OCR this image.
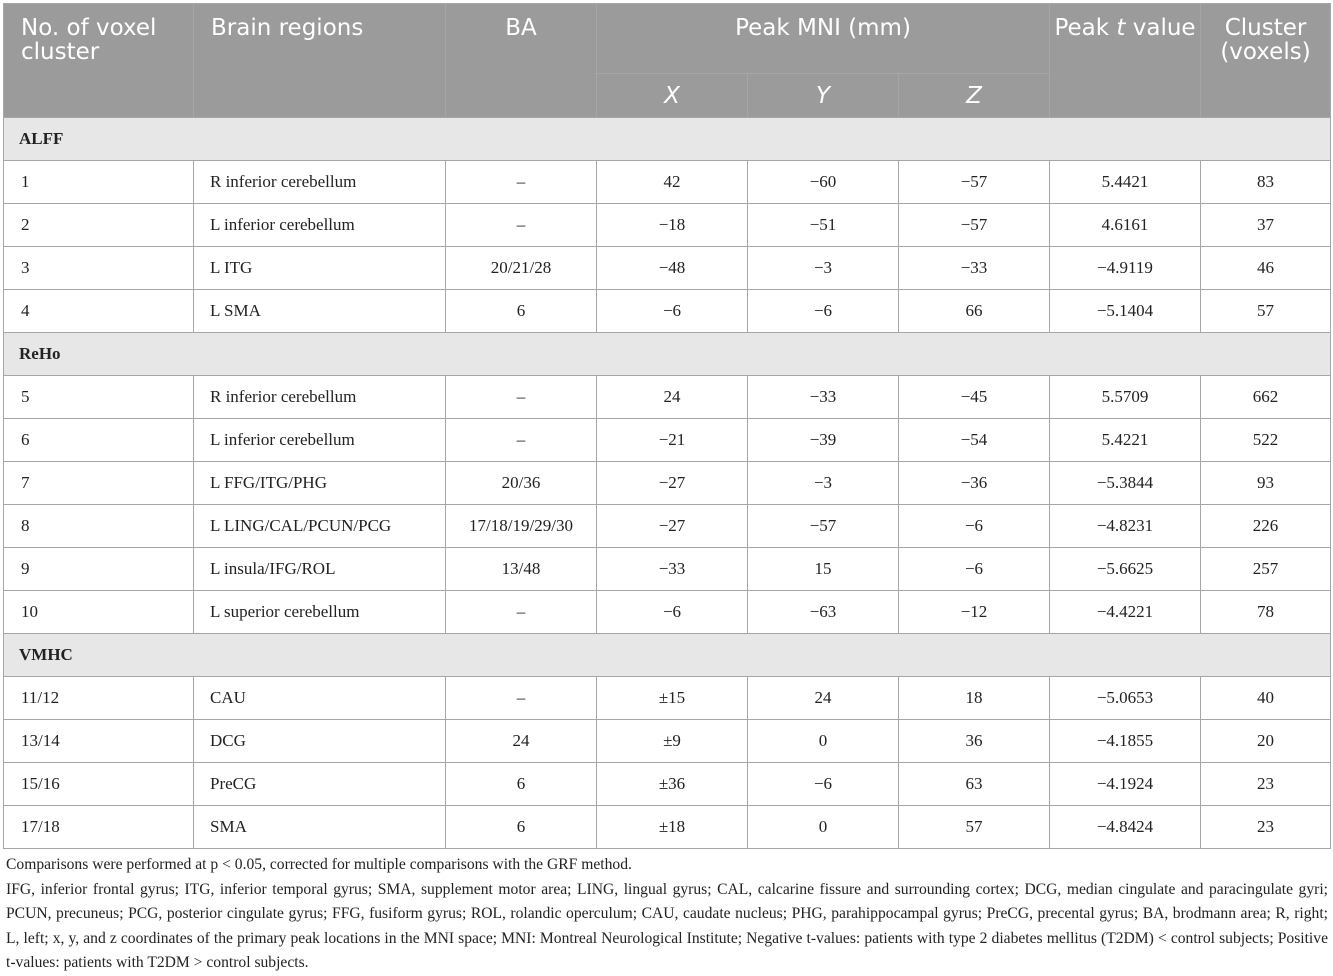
No. of voxel cluster	Brain regions	BA	Peak MNI (mm)			Peak t value	Cluster (voxels)
			X	Y	Z		
ALFF							
1	R inferior cerebellum	–	42	−60	−57	5.4421	83
2	L inferior cerebellum	–	−18	−51	−57	4.6161	37
3	L ITG	20/21/28	−48	−3	−33	−4.9119	46
4	L SMA	6	−6	−6	66	−5.1404	57
ReHo							
5	R inferior cerebellum	–	24	−33	−45	5.5709	662
6	L inferior cerebellum	–	−21	−39	−54	5.4221	522
7	L FFG/ITG/PHG	20/36	−27	−3	−36	−5.3844	93
8	L LING/CAL/PCUN/PCG	17/18/19/29/30	−27	−57	−6	−4.8231	226
9	L insula/IFG/ROL	13/48	−33	15	−6	−5.6625	257
10	L superior cerebellum	–	−6	−63	−12	−4.4221	78
VMHC							
11/12	CAU	–	±15	24	18	−5.0653	40
13/14	DCG	24	±9	0	36	−4.1855	20
15/16	PreCG	6	±36	−6	63	−4.1924	23
17/18	SMA	6	±18	0	57	−4.8424	23

Comparisons were performed at p < 0.05, corrected for multiple comparisons with the GRF method.

IFG, inferior frontal gyrus; ITG, inferior temporal gyrus; SMA, supplement motor area; LING, lingual gyrus; CAL, calcarine fissure and surrounding cortex; DCG, median cingulate and paracingulate gyri; PCUN, precuneus; PCG, posterior cingulate gyrus; FFG, fusiform gyrus; ROL, rolandic operculum; CAU, caudate nucleus; PHG, parahippocampal gyrus; PreCG, precental gyrus; BA, brodmann area; R, right; L, left; x, y, and z coordinates of the primary peak locations in the MNI space; MNI: Montreal Neurological Institute; Negative t-values: patients with type 2 diabetes mellitus (T2DM) < control subjects; Positive t-values: patients with T2DM > control subjects.
